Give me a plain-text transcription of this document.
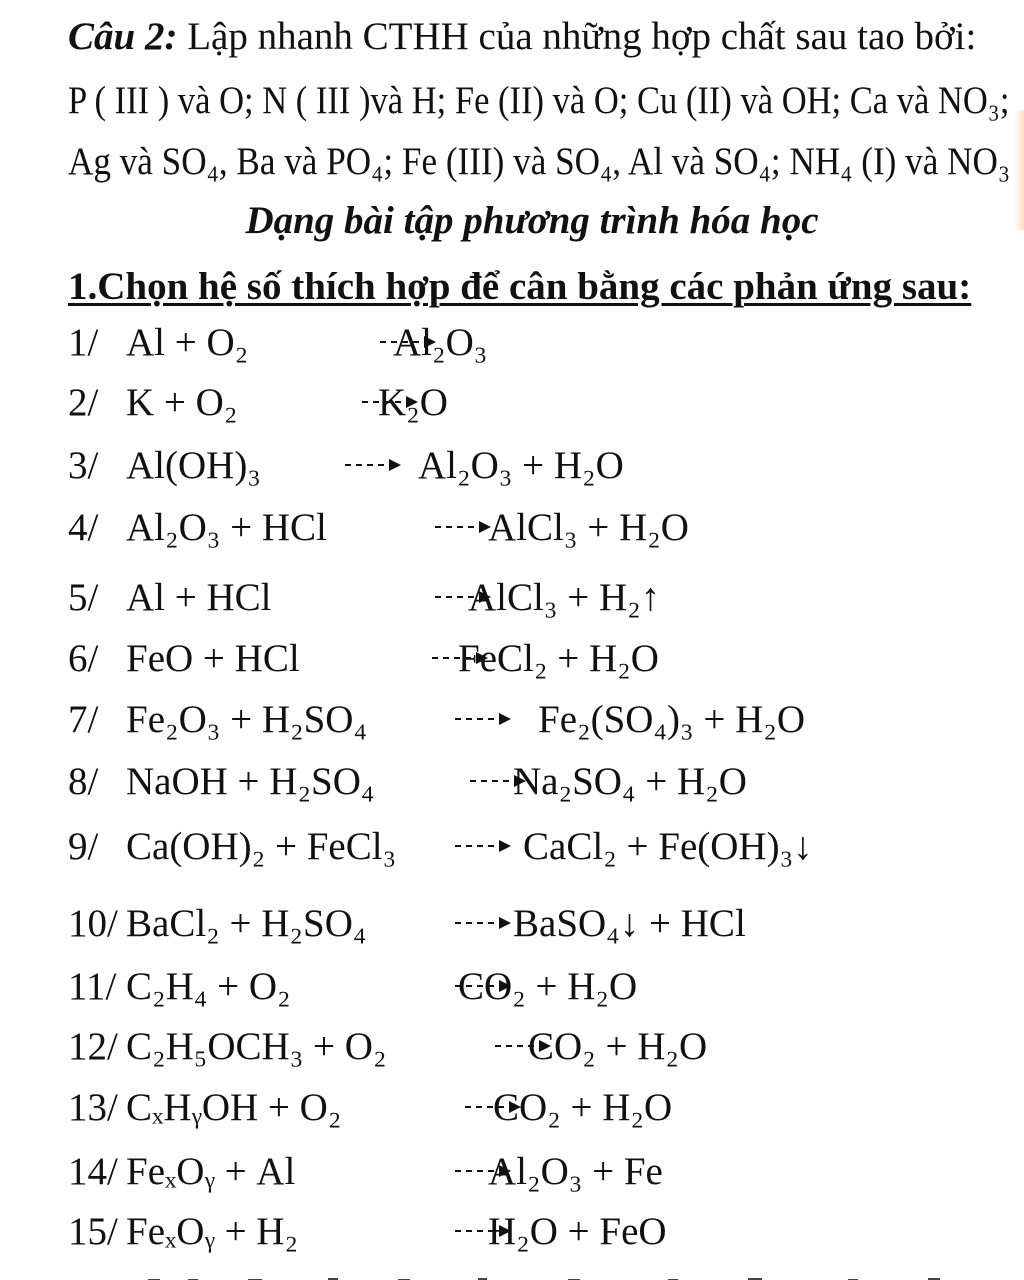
Câu 2: Lập nhanh CTHH của những hợp chất sau tao bởi:
P ( III ) và O; N ( III )và H; Fe (II) và O; Cu (II) và OH; Ca và NO₃;
Ag và SO₄, Ba và PO₄; Fe (III) và SO₄, Al và SO₄; NH₄ (I) và NO₃
Dạng bài tập phương trình hóa học
1.Chọn hệ số thích hợp để cân bằng các phản ứng sau:
1/ Al + O₂	Al₂O₃
2/ K + O₂	K₂O
3/ Al(OH)₃	Al₂O₃ + H₂O
4/ Al₂O₃ + HCl	AlCl₃ + H₂O
5/ Al + HCl	AlCl₃ + H₂↑
6/ FeO + HCl	FeCl₂ + H₂O
7/ Fe₂O₃ + H₂SO₄	Fe₂(SO₄)₃ + H₂O
8/ NaOH + H₂SO₄	Na₂SO₄ + H₂O
9/ Ca(OH)₂ + FeCl₃	CaCl₂ + Fe(OH)₃↓
10/ BaCl₂ + H₂SO₄	BaSO₄↓ + HCl
11/ C₂H₄ + O₂	CO₂ + H₂O
12/ C₂H₅OCH₃ + O₂	CO₂ + H₂O
13/ CₓHᵧOH + O₂	CO₂ + H₂O
14/ FeₓOᵧ + Al	Al₂O₃ + Fe
15/ FeₓOᵧ + H₂	H₂O + FeO
